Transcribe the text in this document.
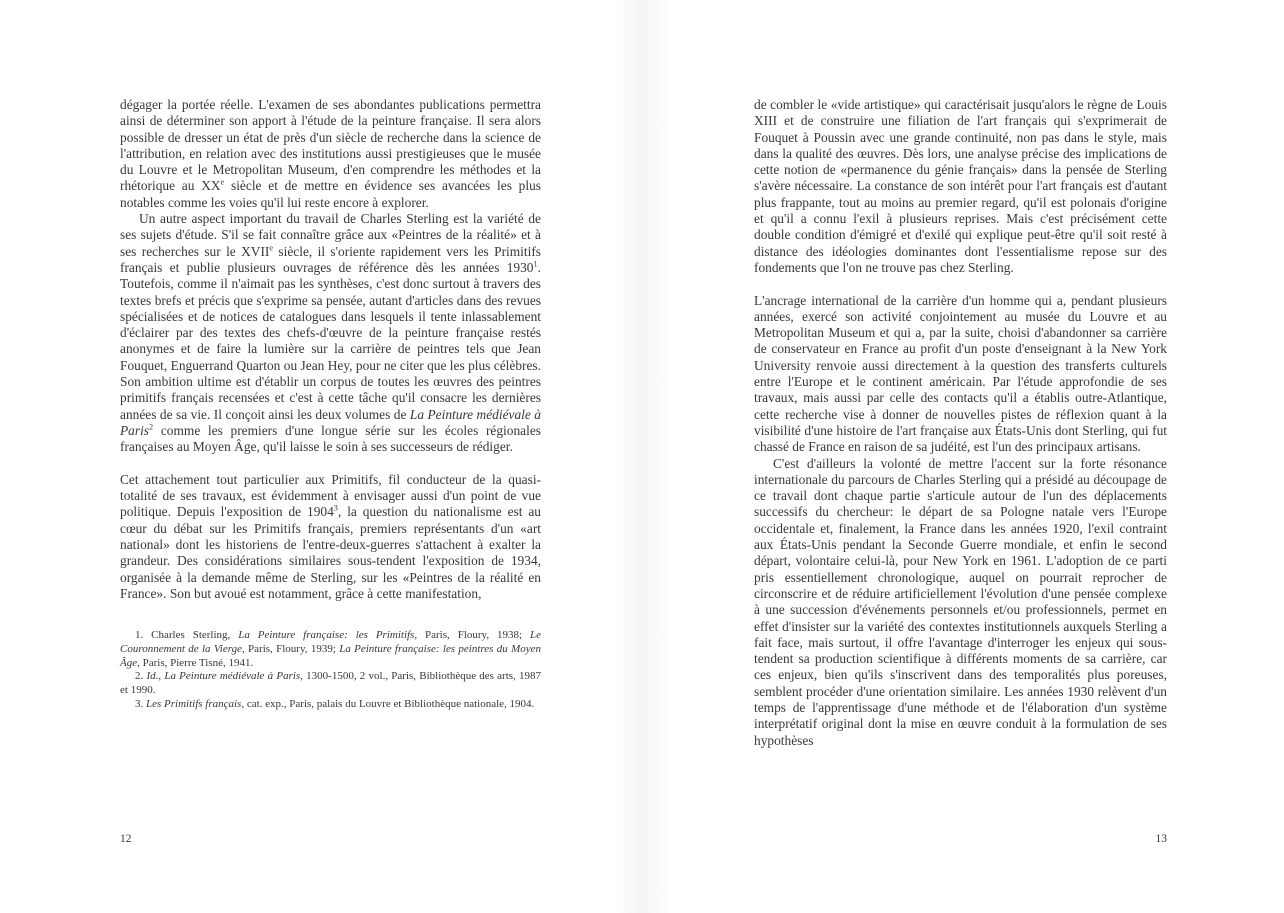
dégager la portée réelle. L'examen de ses abondantes publications permettra ainsi de déterminer son apport à l'étude de la peinture française. Il sera alors possible de dresser un état de près d'un siècle de recherche dans la science de l'attribution, en relation avec des institutions aussi prestigieuses que le musée du Louvre et le Metropolitan Museum, d'en comprendre les méthodes et la rhétorique au XXe siècle et de mettre en évidence ses avancées les plus notables comme les voies qu'il lui reste encore à explorer.

Un autre aspect important du travail de Charles Sterling est la variété de ses sujets d'étude. S'il se fait connaître grâce aux «Peintres de la réalité» et à ses recherches sur le XVIIe siècle, il s'oriente rapidement vers les Primitifs français et publie plusieurs ouvrages de référence dès les années 1930$^1$. Toutefois, comme il n'aimait pas les synthèses, c'est donc surtout à travers des textes brefs et précis que s'exprime sa pensée, autant d'articles dans des revues spécialisées et de notices de catalogues dans lesquels il tente inlassablement d'éclairer par des textes des chefs-d'œuvre de la peinture française restés anonymes et de faire la lumière sur la carrière de peintres tels que Jean Fouquet, Enguerrand Quarton ou Jean Hey, pour ne citer que les plus célèbres. Son ambition ultime est d'établir un corpus de toutes les œuvres des peintres primitifs français recensées et c'est à cette tâche qu'il consacre les dernières années de sa vie. Il conçoit ainsi les deux volumes de La Peinture médiévale à Paris$^2$ comme les premiers d'une longue série sur les écoles régionales françaises au Moyen Âge, qu'il laisse le soin à ses successeurs de rédiger.

Cet attachement tout particulier aux Primitifs, fil conducteur de la quasi-totalité de ses travaux, est évidemment à envisager aussi d'un point de vue politique. Depuis l'exposition de 1904$^3$, la question du nationalisme est au cœur du débat sur les Primitifs français, premiers représentants d'un «art national» dont les historiens de l'entre-deux-guerres s'attachent à exalter la grandeur. Des considérations similaires sous-tendent l'exposition de 1934, organisée à la demande même de Sterling, sur les «Peintres de la réalité en France». Son but avoué est notamment, grâce à cette manifestation,

1. Charles Sterling, La Peinture française: les Primitifs, Paris, Floury, 1938; Le Couronnement de la Vierge, Paris, Floury, 1939; La Peinture française: les peintres du Moyen Âge, Paris, Pierre Tisné, 1941.

2. Id., La Peinture médiévale à Paris, 1300-1500, 2 vol., Paris, Bibliothèque des arts, 1987 et 1990.

3. Les Primitifs français, cat. exp., Paris, palais du Louvre et Bibliothèque nationale, 1904.

12

de combler le «vide artistique» qui caractérisait jusqu'alors le règne de Louis XIII et de construire une filiation de l'art français qui s'exprimerait de Fouquet à Poussin avec une grande continuité, non pas dans le style, mais dans la qualité des œuvres. Dès lors, une analyse précise des implications de cette notion de «permanence du génie français» dans la pensée de Sterling s'avère nécessaire. La constance de son intérêt pour l'art français est d'autant plus frappante, tout au moins au premier regard, qu'il est polonais d'origine et qu'il a connu l'exil à plusieurs reprises. Mais c'est précisément cette double condition d'émigré et d'exilé qui explique peut-être qu'il soit resté à distance des idéologies dominantes dont l'essentialisme repose sur des fondements que l'on ne trouve pas chez Sterling.

L'ancrage international de la carrière d'un homme qui a, pendant plusieurs années, exercé son activité conjointement au musée du Louvre et au Metropolitan Museum et qui a, par la suite, choisi d'abandonner sa carrière de conservateur en France au profit d'un poste d'enseignant à la New York University renvoie aussi directement à la question des transferts culturels entre l'Europe et le continent américain. Par l'étude approfondie de ses travaux, mais aussi par celle des contacts qu'il a établis outre-Atlantique, cette recherche vise à donner de nouvelles pistes de réflexion quant à la visibilité d'une histoire de l'art française aux États-Unis dont Sterling, qui fut chassé de France en raison de sa judéité, est l'un des principaux artisans.

C'est d'ailleurs la volonté de mettre l'accent sur la forte résonance internationale du parcours de Charles Sterling qui a présidé au découpage de ce travail dont chaque partie s'articule autour de l'un des déplacements successifs du chercheur: le départ de sa Pologne natale vers l'Europe occidentale et, finalement, la France dans les années 1920, l'exil contraint aux États-Unis pendant la Seconde Guerre mondiale, et enfin le second départ, volontaire celui-là, pour New York en 1961. L'adoption de ce parti pris essentiellement chronologique, auquel on pourrait reprocher de circonscrire et de réduire artificiellement l'évolution d'une pensée complexe à une succession d'événements personnels et/ou professionnels, permet en effet d'insister sur la variété des contextes institutionnels auxquels Sterling a fait face, mais surtout, il offre l'avantage d'interroger les enjeux qui sous-tendent sa production scientifique à différents moments de sa carrière, car ces enjeux, bien qu'ils s'inscrivent dans des temporalités plus poreuses, semblent procéder d'une orientation similaire. Les années 1930 relèvent d'un temps de l'apprentissage d'une méthode et de l'élaboration d'un système interprétatif original dont la mise en œuvre conduit à la formulation de ses hypothèses

13
